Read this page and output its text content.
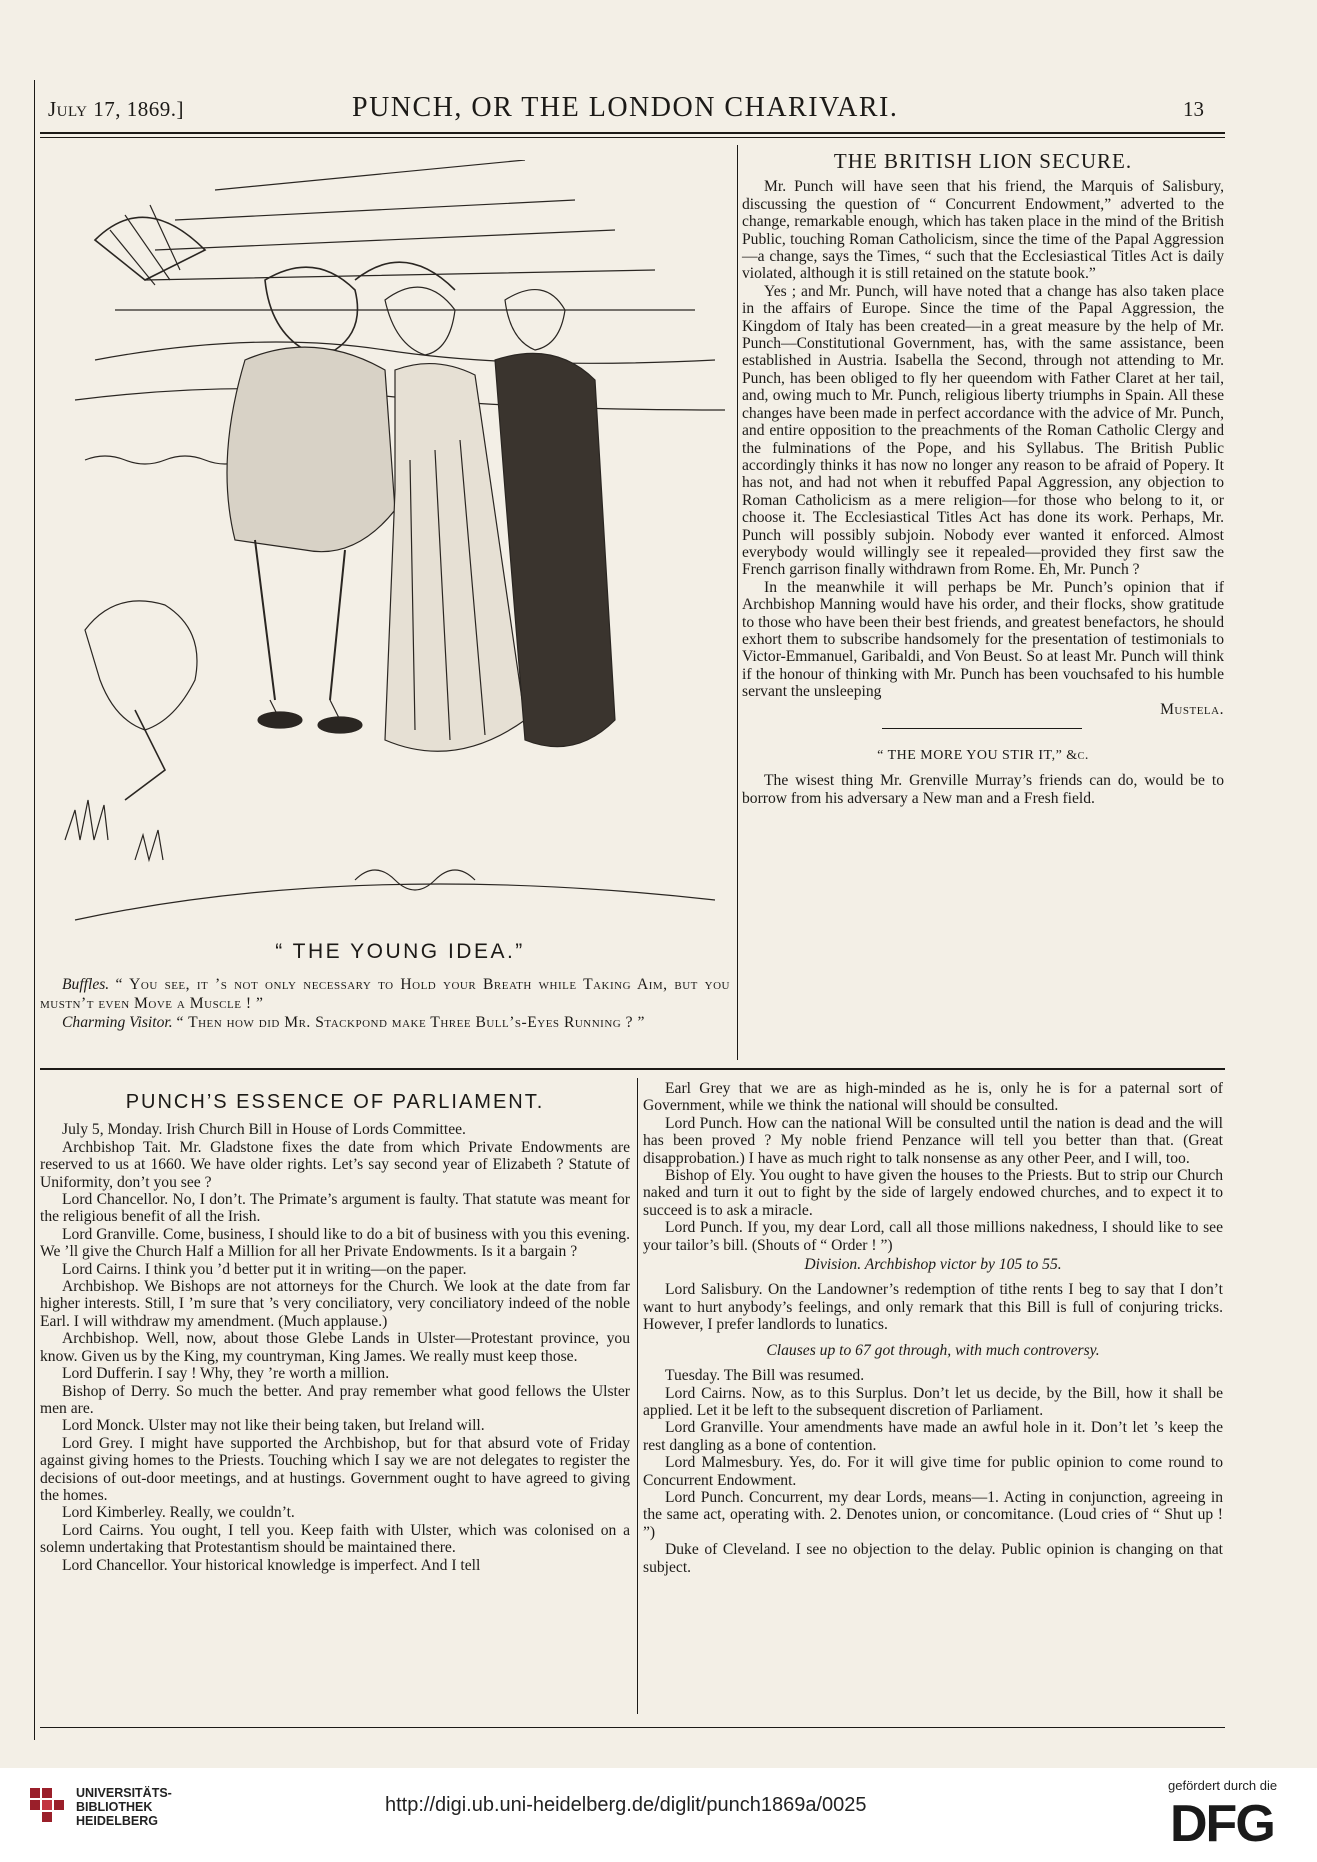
July 17, 1869.]	PUNCH, OR THE LONDON CHARIVARI.	13
“ THE YOUNG IDEA.”

Buffles. “ You see, it ’s not only necessary to Hold your Breath while Taking Aim, but you mustn’t even Move a Muscle ! ”

Charming Visitor. “ Then how did Mr. Stackpond make Three Bull’s-Eyes Running ? ”

THE BRITISH LION SECURE.

Mr. Punch will have seen that his friend, the Marquis of Salisbury, discussing the question of “ Concurrent Endowment,” adverted to the change, remarkable enough, which has taken place in the mind of the British Public, touching Roman Catholicism, since the time of the Papal Aggression—a change, says the Times, “ such that the Ecclesiastical Titles Act is daily violated, although it is still retained on the statute book.”

Yes ; and Mr. Punch, will have noted that a change has also taken place in the affairs of Europe. Since the time of the Papal Aggression, the Kingdom of Italy has been created—in a great measure by the help of Mr. Punch—Constitutional Government, has, with the same assistance, been established in Austria. Isabella the Second, through not attending to Mr. Punch, has been obliged to fly her queendom with Father Claret at her tail, and, owing much to Mr. Punch, religious liberty triumphs in Spain. All these changes have been made in perfect accordance with the advice of Mr. Punch, and entire opposition to the preachments of the Roman Catholic Clergy and the fulminations of the Pope, and his Syllabus. The British Public accordingly thinks it has now no longer any reason to be afraid of Popery. It has not, and had not when it rebuffed Papal Aggression, any objection to Roman Catholicism as a mere religion—for those who belong to it, or choose it. The Ecclesiastical Titles Act has done its work. Perhaps, Mr. Punch will possibly subjoin. Nobody ever wanted it enforced. Almost everybody would willingly see it repealed—provided they first saw the French garrison finally withdrawn from Rome. Eh, Mr. Punch ?

In the meanwhile it will perhaps be Mr. Punch’s opinion that if Archbishop Manning would have his order, and their flocks, show gratitude to those who have been their best friends, and greatest benefactors, he should exhort them to subscribe handsomely for the presentation of testimonials to Victor-Emmanuel, Garibaldi, and Von Beust. So at least Mr. Punch will think if the honour of thinking with Mr. Punch has been vouchsafed to his humble servant the unsleeping

Mustela.

“ THE MORE YOU STIR IT,” &c.

The wisest thing Mr. Grenville Murray’s friends can do, would be to borrow from his adversary a New man and a Fresh field.

PUNCH’S ESSENCE OF PARLIAMENT.

July 5, Monday. Irish Church Bill in House of Lords Committee.

Archbishop Tait. Mr. Gladstone fixes the date from which Private Endowments are reserved to us at 1660. We have older rights. Let’s say second year of Elizabeth ? Statute of Uniformity, don’t you see ?

Lord Chancellor. No, I don’t. The Primate’s argument is faulty. That statute was meant for the religious benefit of all the Irish.

Lord Granville. Come, business, I should like to do a bit of business with you this evening. We ’ll give the Church Half a Million for all her Private Endowments. Is it a bargain ?

Lord Cairns. I think you ’d better put it in writing—on the paper.

Archbishop. We Bishops are not attorneys for the Church. We look at the date from far higher interests. Still, I ’m sure that ’s very conciliatory, very conciliatory indeed of the noble Earl. I will withdraw my amendment. (Much applause.)

Archbishop. Well, now, about those Glebe Lands in Ulster—Protestant province, you know. Given us by the King, my countryman, King James. We really must keep those.

Lord Dufferin. I say ! Why, they ’re worth a million.

Bishop of Derry. So much the better. And pray remember what good fellows the Ulster men are.

Lord Monck. Ulster may not like their being taken, but Ireland will.

Lord Grey. I might have supported the Archbishop, but for that absurd vote of Friday against giving homes to the Priests. Touching which I say we are not delegates to register the decisions of out-door meetings, and at hustings. Government ought to have agreed to giving the homes.

Lord Kimberley. Really, we couldn’t.

Lord Cairns. You ought, I tell you. Keep faith with Ulster, which was colonised on a solemn undertaking that Protestantism should be maintained there.

Lord Chancellor. Your historical knowledge is imperfect. And I tell

Earl Grey that we are as high-minded as he is, only he is for a paternal sort of Government, while we think the national will should be consulted.

Lord Punch. How can the national Will be consulted until the nation is dead and the will has been proved ? My noble friend Penzance will tell you better than that. (Great disapprobation.) I have as much right to talk nonsense as any other Peer, and I will, too.

Bishop of Ely. You ought to have given the houses to the Priests. But to strip our Church naked and turn it out to fight by the side of largely endowed churches, and to expect it to succeed is to ask a miracle.

Lord Punch. If you, my dear Lord, call all those millions nakedness, I should like to see your tailor’s bill. (Shouts of “ Order ! ”)

Division. Archbishop victor by 105 to 55.

Lord Salisbury. On the Landowner’s redemption of tithe rents I beg to say that I don’t want to hurt anybody’s feelings, and only remark that this Bill is full of conjuring tricks. However, I prefer landlords to lunatics.

Clauses up to 67 got through, with much controversy.

Tuesday. The Bill was resumed.

Lord Cairns. Now, as to this Surplus. Don’t let us decide, by the Bill, how it shall be applied. Let it be left to the subsequent discretion of Parliament.

Lord Granville. Your amendments have made an awful hole in it. Don’t let ’s keep the rest dangling as a bone of contention.

Lord Malmesbury. Yes, do. For it will give time for public opinion to come round to Concurrent Endowment.

Lord Punch. Concurrent, my dear Lords, means—1. Acting in conjunction, agreeing in the same act, operating with. 2. Denotes union, or concomitance. (Loud cries of “ Shut up ! ”)

Duke of Cleveland. I see no objection to the delay. Public opinion is changing on that subject.

UNIVERSITÄTS-
BIBLIOTHEK
HEIDELBERG
http://digi.ub.uni-heidelberg.de/diglit/punch1869a/0025
gefördert durch die
DFG
